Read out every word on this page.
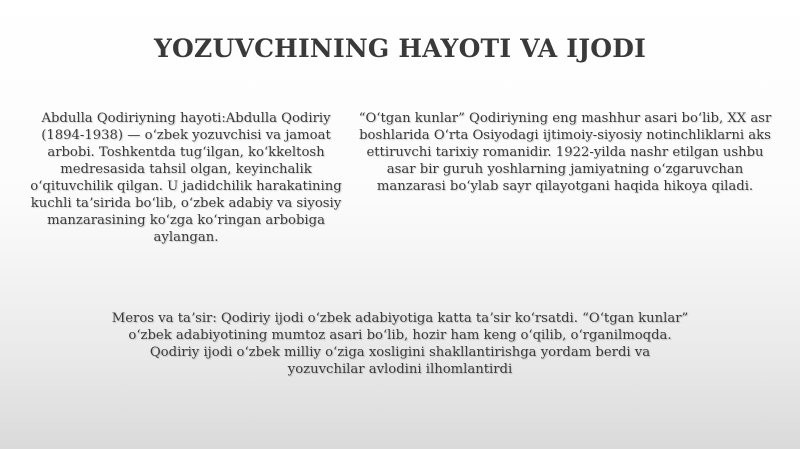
YOZUVCHINING HAYOTI VA IJODI

Abdulla Qodiriyning hayoti:Abdulla Qodiriy (1894-1938) — oʻzbek yozuvchisi va jamoat arbobi. Toshkentda tugʻilgan, koʻkkeltosh medresasida tahsil olgan, keyinchalik oʻqituvchilik qilgan. U jadidchilik harakatining kuchli taʼsirida boʻlib, oʻzbek adabiy va siyosiy manzarasining koʻzga koʻringan arbobiga aylangan.

“Oʻtgan kunlar” Qodiriyning eng mashhur asari boʻlib, XX asr boshlarida Oʻrta Osiyodagi ijtimoiy-siyosiy notinchliklarni aks ettiruvchi tarixiy romanidir. 1922-yilda nashr etilgan ushbu asar bir guruh yoshlarning jamiyatning oʻzgaruvchan manzarasi boʻylab sayr qilayotgani haqida hikoya qiladi.

Meros va taʼsir: Qodiriy ijodi oʻzbek adabiyotiga katta taʼsir koʻrsatdi. “Oʻtgan kunlar” oʻzbek adabiyotining mumtoz asari boʻlib, hozir ham keng oʻqilib, oʻrganilmoqda. Qodiriy ijodi oʻzbek milliy oʻziga xosligini shakllantirishga yordam berdi va yozuvchilar avlodini ilhomlantirdi
